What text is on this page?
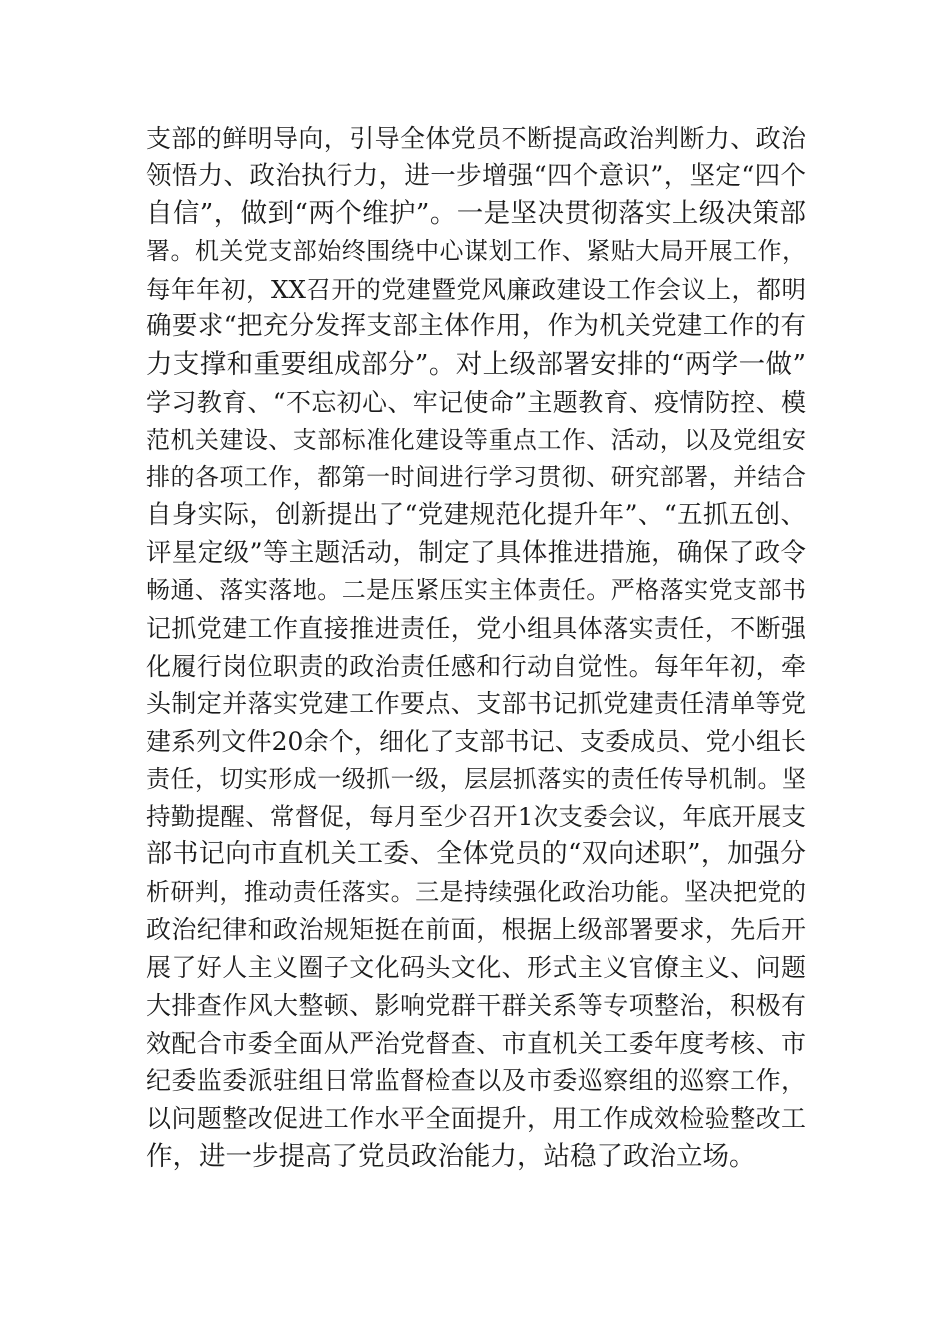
支部的鲜明导向，引导全体党员不断提高政治判断力、政治
领悟力、政治执行力，进一步增强“四个意识”，坚定“四个
自信”，做到“两个维护”。一是坚决贯彻落实上级决策部
署。机关党支部始终围绕中心谋划工作、紧贴大局开展工作，
每年年初，XX召开的党建暨党风廉政建设工作会议上，都明
确要求“把充分发挥支部主体作用，作为机关党建工作的有
力支撑和重要组成部分”。对上级部署安排的“两学一做”
学习教育、“不忘初心、牢记使命”主题教育、疫情防控、模
范机关建设、支部标准化建设等重点工作、活动，以及党组安
排的各项工作，都第一时间进行学习贯彻、研究部署，并结合
自身实际，创新提出了“党建规范化提升年”、“五抓五创、
评星定级”等主题活动，制定了具体推进措施，确保了政令
畅通、落实落地。二是压紧压实主体责任。严格落实党支部书
记抓党建工作直接推进责任，党小组具体落实责任，不断强
化履行岗位职责的政治责任感和行动自觉性。每年年初，牵
头制定并落实党建工作要点、支部书记抓党建责任清单等党
建系列文件20余个，细化了支部书记、支委成员、党小组长
责任，切实形成一级抓一级，层层抓落实的责任传导机制。坚
持勤提醒、常督促，每月至少召开1次支委会议，年底开展支
部书记向市直机关工委、全体党员的“双向述职”，加强分
析研判，推动责任落实。三是持续强化政治功能。坚决把党的
政治纪律和政治规矩挺在前面，根据上级部署要求，先后开
展了好人主义圈子文化码头文化、形式主义官僚主义、问题
大排查作风大整顿、影响党群干群关系等专项整治，积极有
效配合市委全面从严治党督查、市直机关工委年度考核、市
纪委监委派驻组日常监督检查以及市委巡察组的巡察工作，
以问题整改促进工作水平全面提升，用工作成效检验整改工
作，进一步提高了党员政治能力，站稳了政治立场。
